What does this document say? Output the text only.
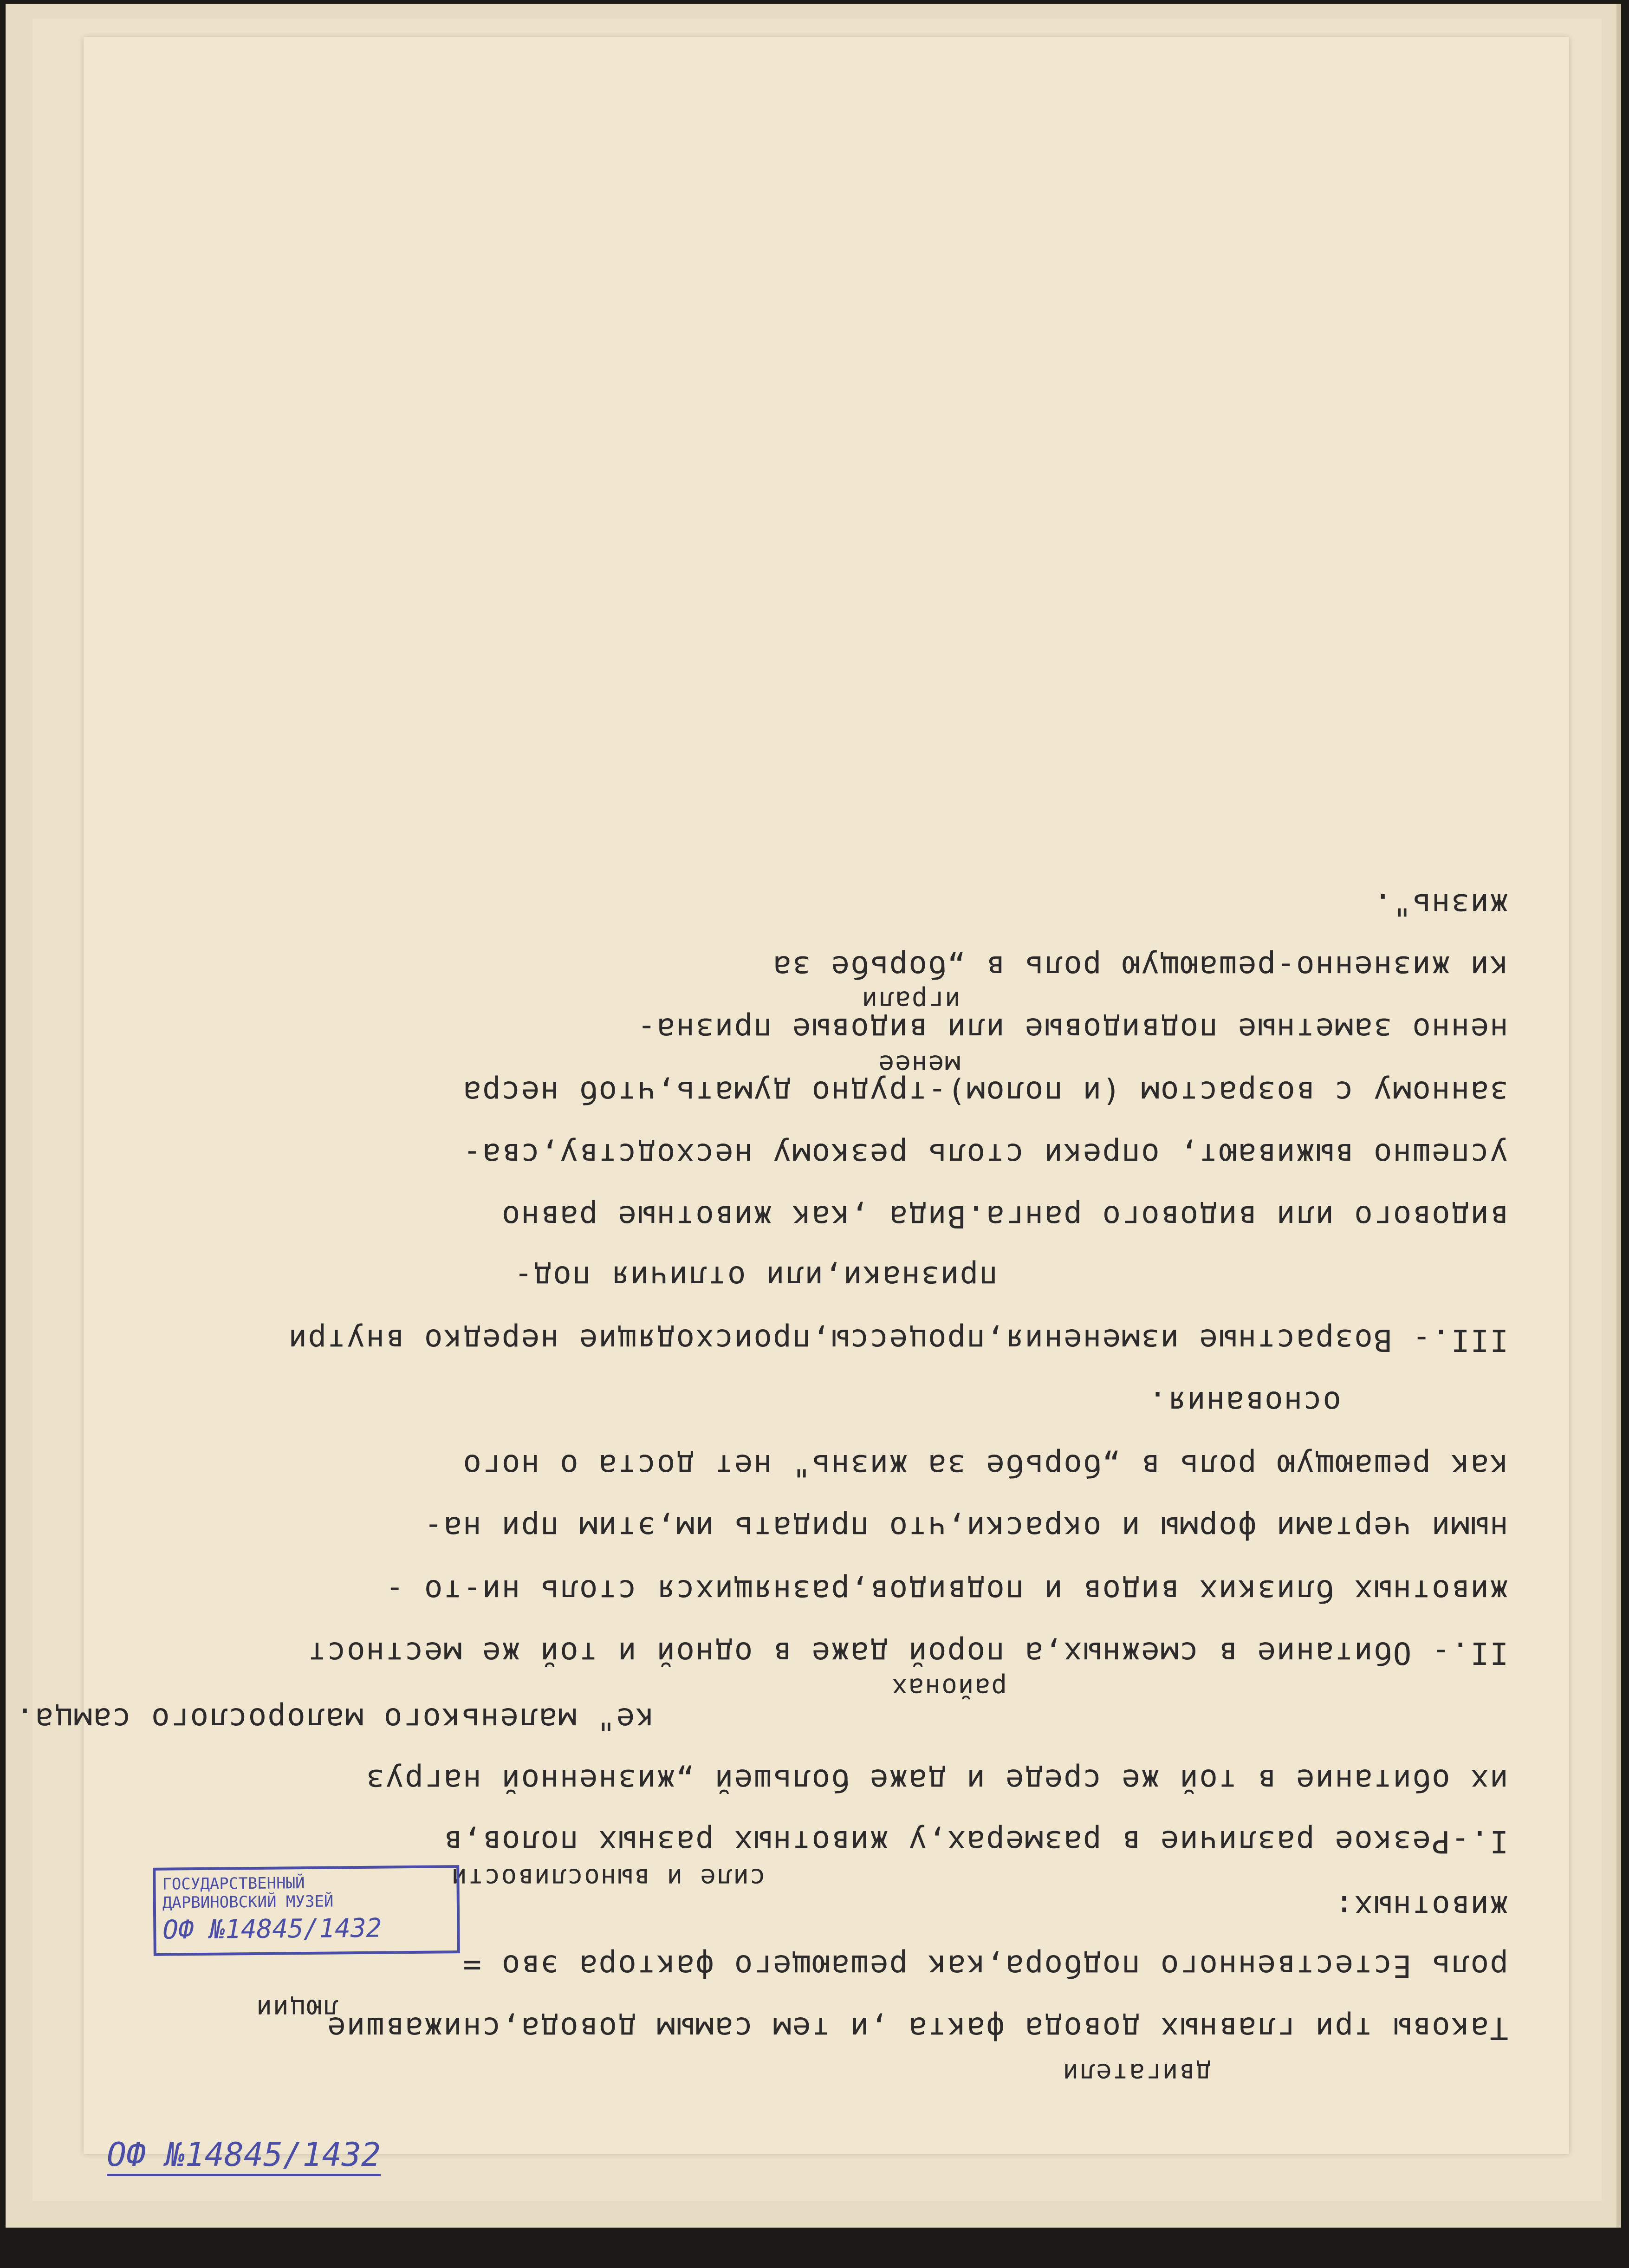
Таковы три главных довода факта ,и тем самым довода,снижавшие
двигатели
роль Естественного подбора,как решающего фактора эво =
люции
животных:
силе и выносливости
I.-Резкое различие в размерах,у животных разных полов,в
их обитание в той же среде и даже большей „жизненной нагруз
ке" маленького малорослого самца.
районах
II.- Обитание в смежных,а порой даже в одной и той же местност
животных близких видов и подвидов,разнящихся столь ни-то -
ными чертами формы и окраски,что придать им,этим при на-
как решающую роль в „борьбе за жизнь" нет доста о ного
основания.
III.- Возрастные изменения,процессы,происходящие нередко внутри
признаки,или отличия под-
видового или видового ранга.Вида ,как животные равно
успешно выживают, опреки столь резкому несходству,сва-
занному с возрастом (и полом)-трудно думать,чтоб несра
менее
ненно заметные подвидовые или видовые призна-
играли
ки жизненно-решающую роль в „борьбе за
жизнь".
ГОСУДАРСТВЕННЫЙ
ДАРВИНОВСКИЙ МУЗЕЙ
ОФ №14845/1432
ОФ №14845/1432
